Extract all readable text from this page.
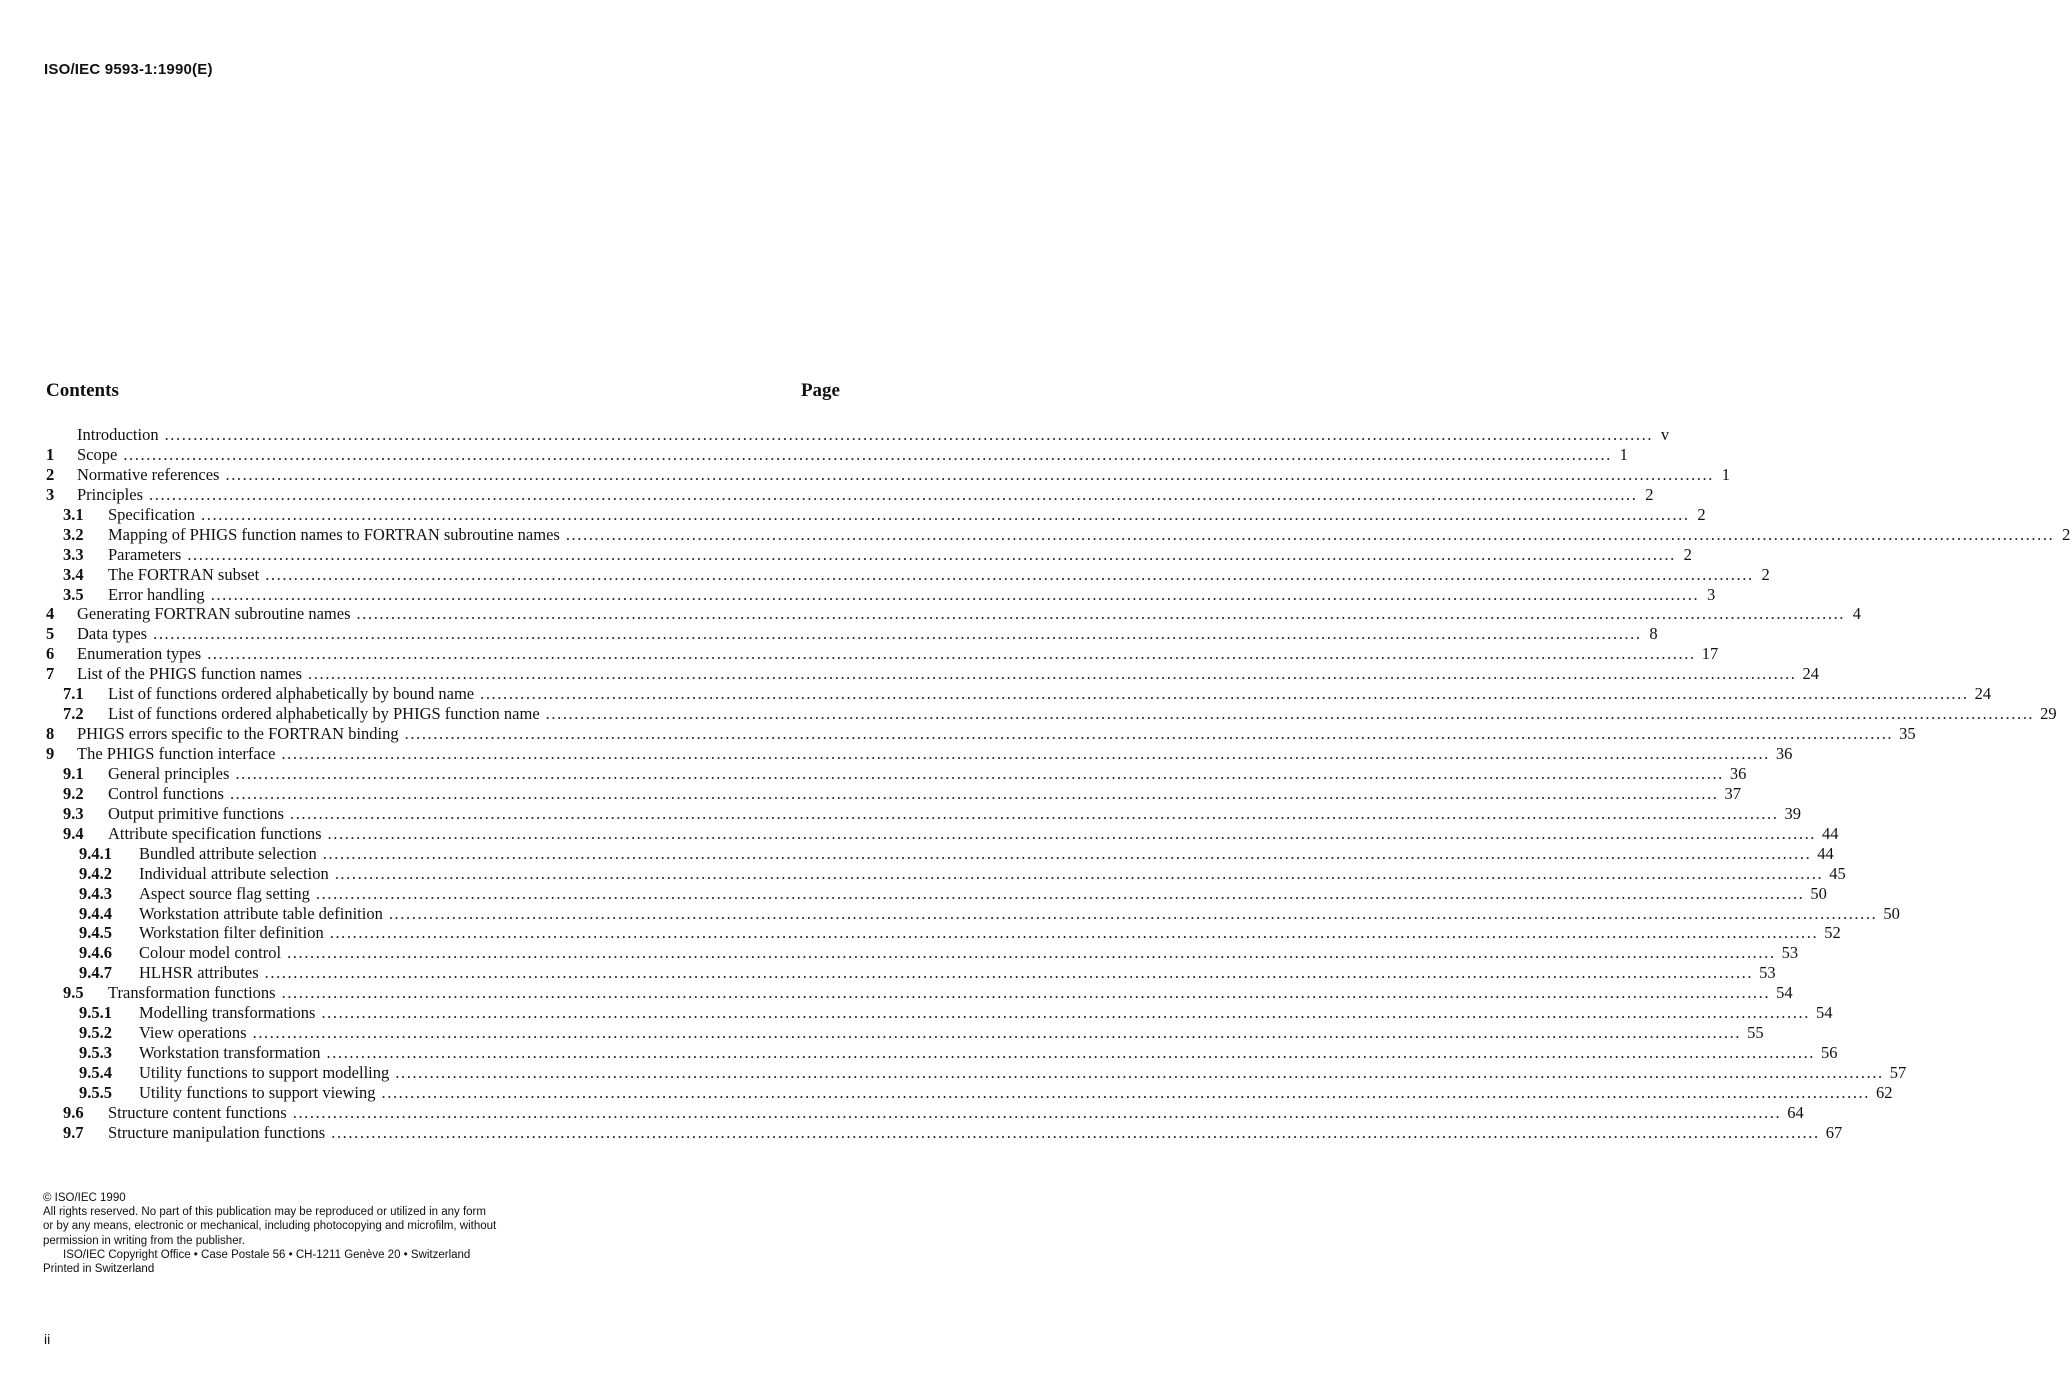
ISO/IEC 9593-1:1990(E)
Contents	Page
Introduction .................................................................................................................................................................................................................................................................... v
1 Scope .................................................................................................................................................................................................................................................................... 1
2 Normative references .................................................................................................................................................................................................................................................................... 1
3 Principles .................................................................................................................................................................................................................................................................... 2
3.1 Specification .................................................................................................................................................................................................................................................................... 2
3.2 Mapping of PHIGS function names to FORTRAN subroutine names .................................................................................................................................................................................................................................................................... 2
3.3 Parameters .................................................................................................................................................................................................................................................................... 2
3.4 The FORTRAN subset .................................................................................................................................................................................................................................................................... 2
3.5 Error handling .................................................................................................................................................................................................................................................................... 3
4 Generating FORTRAN subroutine names .................................................................................................................................................................................................................................................................... 4
5 Data types .................................................................................................................................................................................................................................................................... 8
6 Enumeration types .................................................................................................................................................................................................................................................................... 17
7 List of the PHIGS function names .................................................................................................................................................................................................................................................................... 24
7.1 List of functions ordered alphabetically by bound name .................................................................................................................................................................................................................................................................... 24
7.2 List of functions ordered alphabetically by PHIGS function name .................................................................................................................................................................................................................................................................... 29
8 PHIGS errors specific to the FORTRAN binding .................................................................................................................................................................................................................................................................... 35
9 The PHIGS function interface .................................................................................................................................................................................................................................................................... 36
9.1 General principles .................................................................................................................................................................................................................................................................... 36
9.2 Control functions .................................................................................................................................................................................................................................................................... 37
9.3 Output primitive functions .................................................................................................................................................................................................................................................................... 39
9.4 Attribute specification functions .................................................................................................................................................................................................................................................................... 44
9.4.1 Bundled attribute selection .................................................................................................................................................................................................................................................................... 44
9.4.2 Individual attribute selection .................................................................................................................................................................................................................................................................... 45
9.4.3 Aspect source flag setting .................................................................................................................................................................................................................................................................... 50
9.4.4 Workstation attribute table definition .................................................................................................................................................................................................................................................................... 50
9.4.5 Workstation filter definition .................................................................................................................................................................................................................................................................... 52
9.4.6 Colour model control .................................................................................................................................................................................................................................................................... 53
9.4.7 HLHSR attributes .................................................................................................................................................................................................................................................................... 53
9.5 Transformation functions .................................................................................................................................................................................................................................................................... 54
9.5.1 Modelling transformations .................................................................................................................................................................................................................................................................... 54
9.5.2 View operations .................................................................................................................................................................................................................................................................... 55
9.5.3 Workstation transformation .................................................................................................................................................................................................................................................................... 56
9.5.4 Utility functions to support modelling .................................................................................................................................................................................................................................................................... 57
9.5.5 Utility functions to support viewing .................................................................................................................................................................................................................................................................... 62
9.6 Structure content functions .................................................................................................................................................................................................................................................................... 64
9.7 Structure manipulation functions .................................................................................................................................................................................................................................................................... 67
© ISO/IEC 1990
All rights reserved. No part of this publication may be reproduced or utilized in any form
or by any means, electronic or mechanical, including photocopying and microfilm, without
permission in writing from the publisher.
ISO/IEC Copyright Office • Case Postale 56 • CH-1211 Genève 20 • Switzerland
Printed in Switzerland
ii
